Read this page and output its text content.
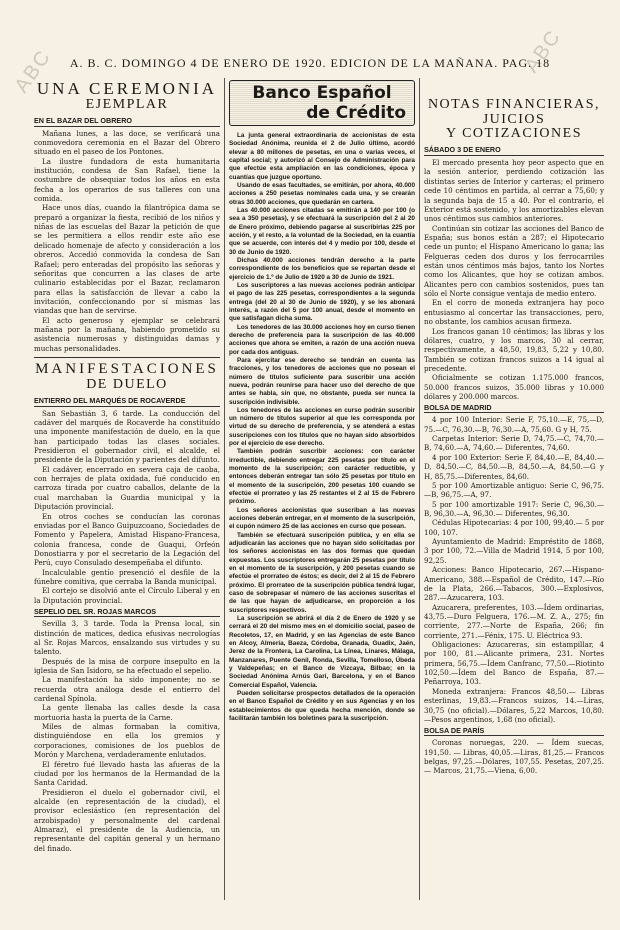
ABC	ABC
A. B. C. DOMINGO 4 DE ENERO DE 1920. EDICION DE LA MAÑANA. PAG. 18
UNA CEREMONIA
EJEMPLAR
EN EL BAZAR DEL OBRERO

Mañana lunes, a las doce, se verificará una conmovedora ceremonia en el Bazar del Obrero situado en el paseo de los Pontones.

La ilustre fundadora de esta humanitaria institución, condesa de San Rafael, tiene la costumbre de obsequiar todos los años en esta fecha a los operarios de sus talleres con una comida.

Hace unos días, cuando la filantrópica dama se preparó a organizar la fiesta, recibió de los niños y niñas de las escuelas del Bazar la petición de que se les permitiera a ellos rendir este año ese delicado homenaje de afecto y consideración a los obreros. Accedió conmovida la condesa de San Rafael; pero enteradas del propósito las señoras y señoritas que concurren a las clases de arte culinario establecidas por el Bazar, reclamaron para ellas la satisfacción de llevar a cabo la invitación, confeccionando por sí mismas las viandas que han de servirse.

El acto generoso y ejemplar se celebrará mañana por la mañana, habiendo prometido su asistencia numerosas y distinguidas damas y muchas personalidades.

MANIFESTACIONES
DE DUELO
ENTIERRO DEL MARQUÉS DE ROCAVERDE

San Sebastián 3, 6 tarde. La conducción del cadáver del marqués de Rocaverde ha constituído una imponente manifestación de duelo, en la que han participado todas las clases sociales. Presidieron el gobernador civil, el alcalde, el presidente de la Diputación y parientes del difunto.

El cadáver, encerrado en severa caja de caoba, con herrajes de plata oxidada, fué conducido en carroza tirada por cuatro caballos, delante de la cual marchaban la Guardia municipal y la Diputación provincial.

En otros coches se conducían las coronas enviadas por el Banco Guipuzcoano, Sociedades de Fomento y Papelera, Amistad Hispano-Francesa, colonia francesa, conde de Guaqui, Orfeón Donostiarra y por el secretario de la Legación del Perú, cuyo Consulado desempeñaba el difunto.

Incalculable gentío presenció el desfile de la fúnebre comitiva, que cerraba la Banda municipal.

El cortejo se disolvió ante el Círculo Liberal y en la Diputación provincial.

SEPELIO DEL SR. ROJAS MARCOS

Sevilla 3, 3 tarde. Toda la Prensa local, sin distinción de matices, dedica efusivas necrologías al Sr. Rojas Marcos, ensalzando sus virtudes y su talento.

Después de la misa de corpore insepulto en la iglesia de San Isidoro, se ha efectuado el sepelio.

La manifestación ha sido imponente; no se recuerda otra análoga desde el entierro del cardenal Spínola.

La gente llenaba las calles desde la casa mortuoria hasta la puerta de la Carne.

Miles de almas formaban la comitiva, distinguiéndose en ella los gremios y corporaciones, comisiones de los pueblos de Morón y Marchena, verdaderamente enlutados.

El féretro fué llevado hasta las afueras de la ciudad por los hermanos de la Hermandad de la Santa Caridad.

Presidieron el duelo el gobernador civil, el alcalde (en representación de la ciudad), el provisor eclesiástico (en representación del arzobispado) y personalmente del cardenal Almaraz), el presidente de la Audiencia, un representante del capitán general y un hermano del finado.

Banco Español
de Crédito

La junta general extraordinaria de accionistas de esta Sociedad Anónima, reunida el 2 de Julio último, acordó elevar a 80 millones de pesetas, en una o varias veces, el capital social; y autorizó al Consejo de Administración para que efectúe esta ampliación en las condiciones, época y cuantías que juzgue oportuno.

Usando de esas facultades, se emitirán, por ahora, 40.000 acciones a 250 pesetas nominales cada una, y se crearán otras 30.000 acciones, que quedarán en cartera.

Las 40.000 acciones citadas se emitirán a 140 por 100 (o sea a 350 pesetas), y se efectuará la suscripción del 2 al 20 de Enero próximo, debiendo pagarse al suscribirlas 225 por acción, y el resto, a la voluntad de la Sociedad, en la cuantía que se acuerde, con interés del 4 y medio por 100, desde el 30 de Junio de 1920.

Dichas 40.000 acciones tendrán derecho a la parte correspondiente de los beneficios que se repartan desde el ejercicio de 1.º de Julio de 1920 a 30 de Junio de 1921.

Los suscriptores a las nuevas acciones podrán anticipar el pago de las 225 pesetas, correspondientes a la segunda entrega (del 20 al 30 de Junio de 1920), y se les abonará interés, a razón del 5 por 100 anual, desde el momento en que satisfagan dicha suma.

Los tenedores de las 30.000 acciones hoy en curso tienen derecho de preferencia para la suscripción de las 40.000 acciones que ahora se emiten, a razón de una acción nueva por cada dos antiguas.

Para ejercitar ese derecho se tendrán en cuenta las fracciones, y los tenedores de acciones que no posean el número de títulos suficiente para suscribir una acción nueva, podrán reunirse para hacer uso del derecho de que antes se habla, sin que, no obstante, pueda ser nunca la suscripción indivisible.

Los tenedores de las acciones en curso podrán suscribir un número de títulos superior al que les corresponda por virtud de su derecho de preferencia, y se atenderá a estas suscripciones con los títulos que no hayan sido absorbidos por el ejercicio de ese derecho.

También podrán suscribir acciones: con carácter irreductible, debiendo entregar 225 pesetas por título en el momento de la suscripción; con carácter reductible, y entonces deberán entregar tan sólo 25 pesetas por título en el momento de la suscripción, 200 pesetas 100 cuando se efectúe el prorrateo y las 25 restantes el 2 al 15 de Febrero próximo.

Los señores accionistas que suscriban a las nuevas acciones deberán entregar, en el momento de la suscripción, el cupón número 25 de las acciones en curso que posean.

También se efectuará suscripción pública, y en ella se adjudicarán las acciones que no hayan sido solicitadas por los señores accionistas en las dos formas que quedan expuestas. Los suscriptores entregarán 25 pesetas por título en el momento de la suscripción, y 200 pesetas cuando se efectúe el prorrateo de éstos; es decir, del 2 al 15 de Febrero próximo. El prorrateo de la suscripción pública tendrá lugar, caso de sobrepasar el número de las acciones suscritas el de las que hayan de adjudicarse, en proporción a los suscriptores respectivos.

La suscripción se abrirá el día 2 de Enero de 1920 y se cerrará el 20 del mismo mes en el domicilio social, paseo de Recoletos, 17, en Madrid, y en las Agencias de este Banco en Alcoy, Almería, Baeza, Córdoba, Granada, Guadix, Jaén, Jerez de la Frontera, La Carolina, La Línea, Linares, Málaga, Manzanares, Puente Genil, Ronda, Sevilla, Tomelloso, Úbeda y Valdepeñas; en el Banco de Vizcaya, Bilbao; en la Sociedad Anónima Arnús Garí, Barcelona, y en el Banco Comercial Español, Valencia.

Pueden solicitarse prospectos detallados de la operación en el Banco Español de Crédito y en sus Agencias y en los establecimientos de que queda hecha mención, donde se facilitarán también los boletines para la suscripción.

NOTAS FINANCIERAS,
JUICIOS
Y COTIZACIONES
SÁBADO 3 DE ENERO

El mercado presenta hoy peor aspecto que en la sesión anterior, perdiendo cotización las distintas series de Interior y carteras; el primero cede 10 céntimos en partida, al cerrar a 75,60; y la segunda baja de 15 a 40. Por el contrario, el Exterior está sostenido, y los amortizables elevan unos céntimos sus cambios anteriores.

Continúan sin cotizar las acciones del Banco de España; sus bonos están a 287; el Hipotecario cede un punto; el Hispano Americano lo gana; las Felgueras ceden dos duros y los ferrocarriles están unos céntimos más bajos, tanto los Nortes como los Alicantes, que hoy se cotizan ambos. Alicantes pero con cambios sostenidos, pues tan sólo el Norte consigue ventaja de medio entero.

En el corro de moneda extranjera hay poco entusiasmo al concertar las transacciones, pero, no obstante, los cambios acusan firmeza.

Los francos ganan 10 céntimos; las libras y los dólares, cuatro, y los marcos, 30 al cerrar, respectivamente, a 48,50, 19,83, 5,22 y 10,80. También se cotizan francos suizos a 14 igual al precedente.

Oficialmente se cotizan 1.175.000 francos, 50.000 francos suizos, 35.000 libras y 10.000 dólares y 200.000 marcos.

BOLSA DE MADRID

4 por 100 Interior: Serie F, 75,10.—E, 75,—D, 75.—C, 76,30.—B, 76,30.—A, 75,60. G y H, 75.

Carpetas Interior: Serie D, 74,75.—C, 74,70.—B, 74,60.—A, 74,60.— Diferentes, 74,60.

4 por 100 Exterior: Serie F, 84,40.—E, 84,40.—D, 84,50.—C, 84,50.—B, 84,50.—A, 84,50.—G y H, 85,75.—Diferentes, 84,60.

5 por 100 Amortizable antiguo: Serie C, 96,75.—B, 96,75.—A, 97.

5 por 100 amortizable 1917: Serie C, 96,30.—B, 96,30.—A, 96,30.— Diferentes, 96,30.

Cédulas Hipotecarias: 4 por 100, 99,40.— 5 por 100, 107.

Ayuntamiento de Madrid: Empréstito de 1868, 3 por 100, 72.—Villa de Madrid 1914, 5 por 100, 92,25.

Acciones: Banco Hipotecario, 267.—Hispano-Americano, 388.—Español de Crédito, 147.—Río de la Plata, 266.—Tabacos, 300.—Explosivos, 287.—Azucarera, 103.

Azucarera, preferentes, 103.—Ídem ordinarias, 43,75.—Duro Felguera, 176.—M. Z. A., 275; fin corriente, 277.—Norte de España, 266; fin corriente, 271.—Fénix, 175. U. Eléctrica 93.

Obligaciones: Azucareras, sin estampillar, 4 por 100, 81.—Alicante primera, 231. Nortes primera, 56,75.—Ídem Canfranc, 77,50.—Riotinto 102,50.—Ídem del Banco de España, 87.—Peñarroya, 103.

Moneda extranjera: Francos 48,50.— Libras esterlinas, 19,83.—Francos suizos, 14.—Liras, 30,75 (no oficial).—Dólares, 5,22 Marcos, 10,80.—Pesos argentinos, 1,68 (no oficial).

BOLSA DE PARÍS

Coronas noruegas, 220. — Ídem suecas, 191,50. — Libras, 40,05.—Liras, 81,25.— Francos belgas, 97,25.—Dólares, 107,55. Pesetas, 207,25.— Marcos, 21,75.—Viena, 6,00.
